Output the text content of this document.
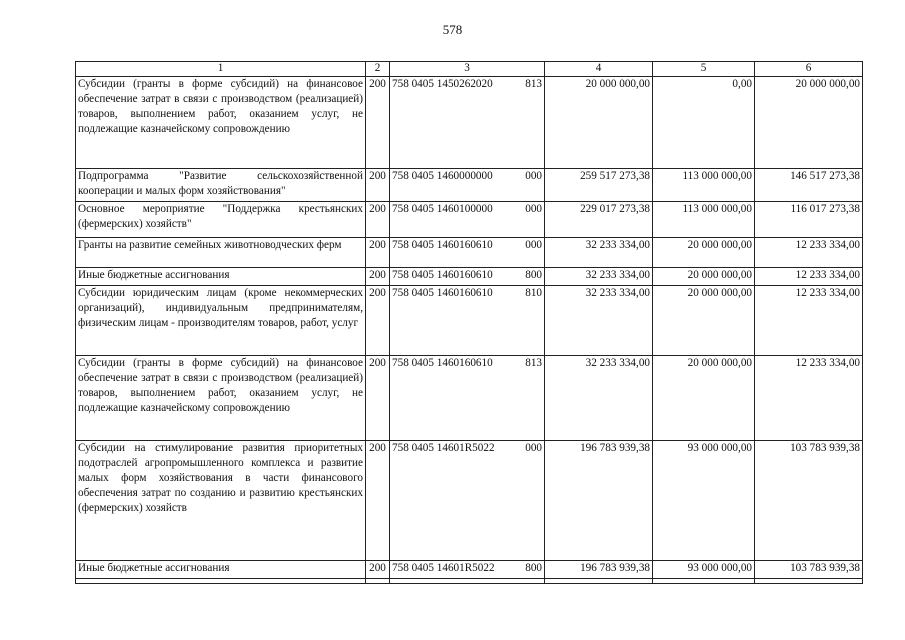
578
1	2	3	4	5	6
Субсидии (гранты в форме субсидий) на финансовое обеспечение затрат в связи с производством (реализацией) товаров, выполнением работ, оказанием услуг, не подлежащие казначейскому сопровождению	200	758 0405 1450262020 813	20 000 000,00	0,00	20 000 000,00
Подпрограмма "Развитие сельскохозяйственной кооперации и малых форм хозяйствования"	200	758 0405 1460000000 000	259 517 273,38	113 000 000,00	146 517 273,38
Основное мероприятие "Поддержка крестьянских (фермерских) хозяйств"	200	758 0405 1460100000 000	229 017 273,38	113 000 000,00	116 017 273,38
Гранты на развитие семейных животноводческих ферм	200	758 0405 1460160610 000	32 233 334,00	20 000 000,00	12 233 334,00
Иные бюджетные ассигнования	200	758 0405 1460160610 800	32 233 334,00	20 000 000,00	12 233 334,00
Субсидии юридическим лицам (кроме некоммерческих организаций), индивидуальным предпринимателям, физическим лицам - производителям товаров, работ, услуг	200	758 0405 1460160610 810	32 233 334,00	20 000 000,00	12 233 334,00
Субсидии (гранты в форме субсидий) на финансовое обеспечение затрат в связи с производством (реализацией) товаров, выполнением работ, оказанием услуг, не подлежащие казначейскому сопровождению	200	758 0405 1460160610 813	32 233 334,00	20 000 000,00	12 233 334,00
Субсидии на стимулирование развития приоритетных подотраслей агропромышленного комплекса и развитие малых форм хозяйствования в части финансового обеспечения затрат по созданию и развитию крестьянских (фермерских) хозяйств	200	758 0405 14601R5022 000	196 783 939,38	93 000 000,00	103 783 939,38
Иные бюджетные ассигнования	200	758 0405 14601R5022 800	196 783 939,38	93 000 000,00	103 783 939,38
